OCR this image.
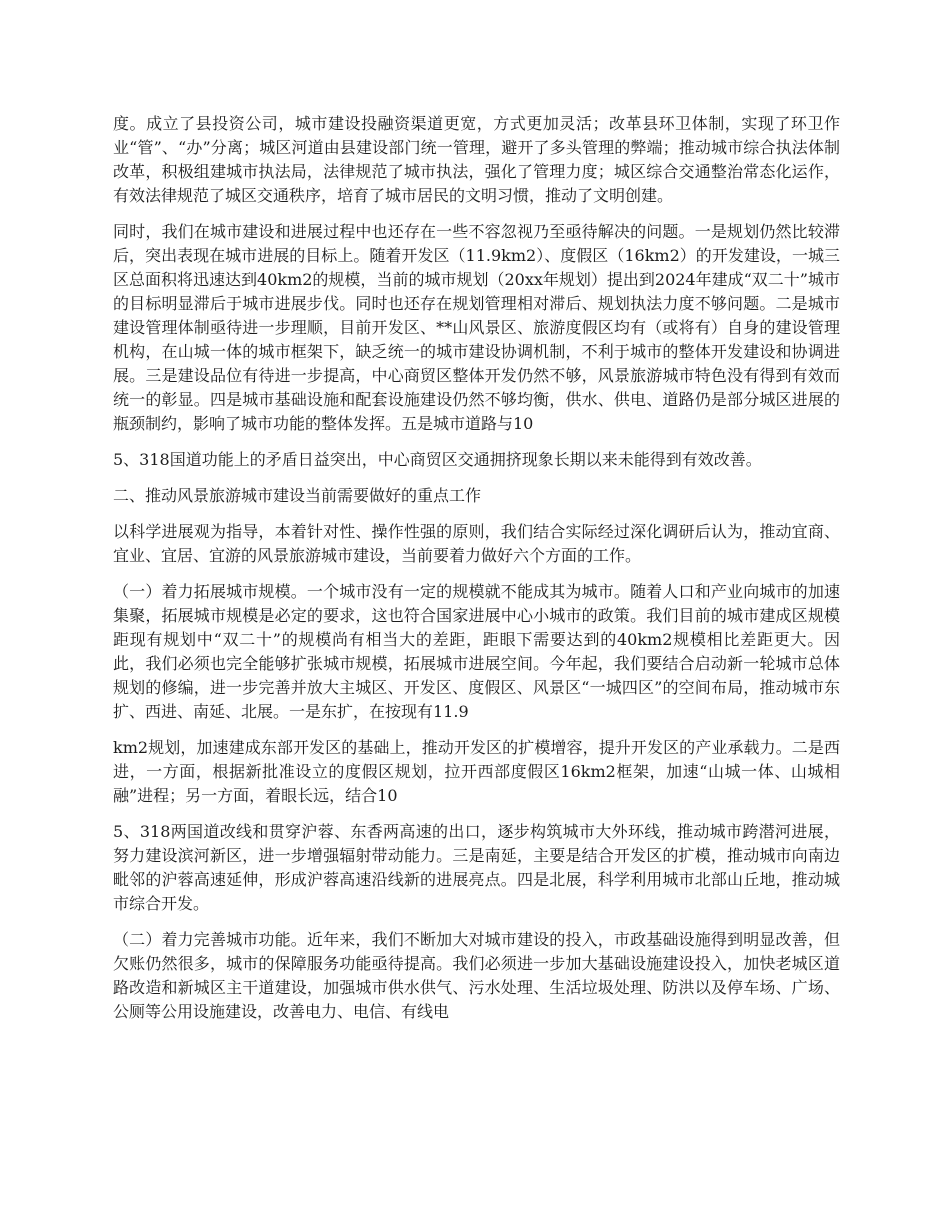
度。成立了县投资公司，城市建设投融资渠道更宽，方式更加灵活；改革县环卫体制，实现了环卫作业“管”、“办”分离；城区河道由县建设部门统一管理，避开了多头管理的弊端；推动城市综合执法体制改革，积极组建城市执法局，法律规范了城市执法，强化了管理力度；城区综合交通整治常态化运作，有效法律规范了城区交通秩序，培育了城市居民的文明习惯，推动了文明创建。

同时，我们在城市建设和进展过程中也还存在一些不容忽视乃至亟待解决的问题。一是规划仍然比较滞后，突出表现在城市进展的目标上。随着开发区（11.9km2）、度假区（16km2）的开发建设，一城三区总面积将迅速达到40km2的规模，当前的城市规划（20xx年规划）提出到2024年建成“双二十”城市的目标明显滞后于城市进展步伐。同时也还存在规划管理相对滞后、规划执法力度不够问题。二是城市建设管理体制亟待进一步理顺，目前开发区、**山风景区、旅游度假区均有（或将有）自身的建设管理机构，在山城一体的城市框架下，缺乏统一的城市建设协调机制，不利于城市的整体开发建设和协调进展。三是建设品位有待进一步提高，中心商贸区整体开发仍然不够，风景旅游城市特色没有得到有效而统一的彰显。四是城市基础设施和配套设施建设仍然不够均衡，供水、供电、道路仍是部分城区进展的瓶颈制约，影响了城市功能的整体发挥。五是城市道路与10

5、318国道功能上的矛盾日益突出，中心商贸区交通拥挤现象长期以来未能得到有效改善。

二、推动风景旅游城市建设当前需要做好的重点工作

以科学进展观为指导，本着针对性、操作性强的原则，我们结合实际经过深化调研后认为，推动宜商、宜业、宜居、宜游的风景旅游城市建设，当前要着力做好六个方面的工作。

（一）着力拓展城市规模。一个城市没有一定的规模就不能成其为城市。随着人口和产业向城市的加速集聚，拓展城市规模是必定的要求，这也符合国家进展中心小城市的政策。我们目前的城市建成区规模距现有规划中“双二十”的规模尚有相当大的差距，距眼下需要达到的40km2规模相比差距更大。因此，我们必须也完全能够扩张城市规模，拓展城市进展空间。今年起，我们要结合启动新一轮城市总体规划的修编，进一步完善并放大主城区、开发区、度假区、风景区“一城四区”的空间布局，推动城市东扩、西进、南延、北展。一是东扩，在按现有11.9

km2规划，加速建成东部开发区的基础上，推动开发区的扩模增容，提升开发区的产业承载力。二是西进，一方面，根据新批准设立的度假区规划，拉开西部度假区16km2框架，加速“山城一体、山城相融”进程；另一方面，着眼长远，结合10

5、318两国道改线和贯穿沪蓉、东香两高速的出口，逐步构筑城市大外环线，推动城市跨潜河进展，努力建设滨河新区，进一步增强辐射带动能力。三是南延，主要是结合开发区的扩模，推动城市向南边毗邻的沪蓉高速延伸，形成沪蓉高速沿线新的进展亮点。四是北展，科学利用城市北部山丘地，推动城市综合开发。

（二）着力完善城市功能。近年来，我们不断加大对城市建设的投入，市政基础设施得到明显改善，但欠账仍然很多，城市的保障服务功能亟待提高。我们必须进一步加大基础设施建设投入，加快老城区道路改造和新城区主干道建设，加强城市供水供气、污水处理、生活垃圾处理、防洪以及停车场、广场、公厕等公用设施建设，改善电力、电信、有线电
